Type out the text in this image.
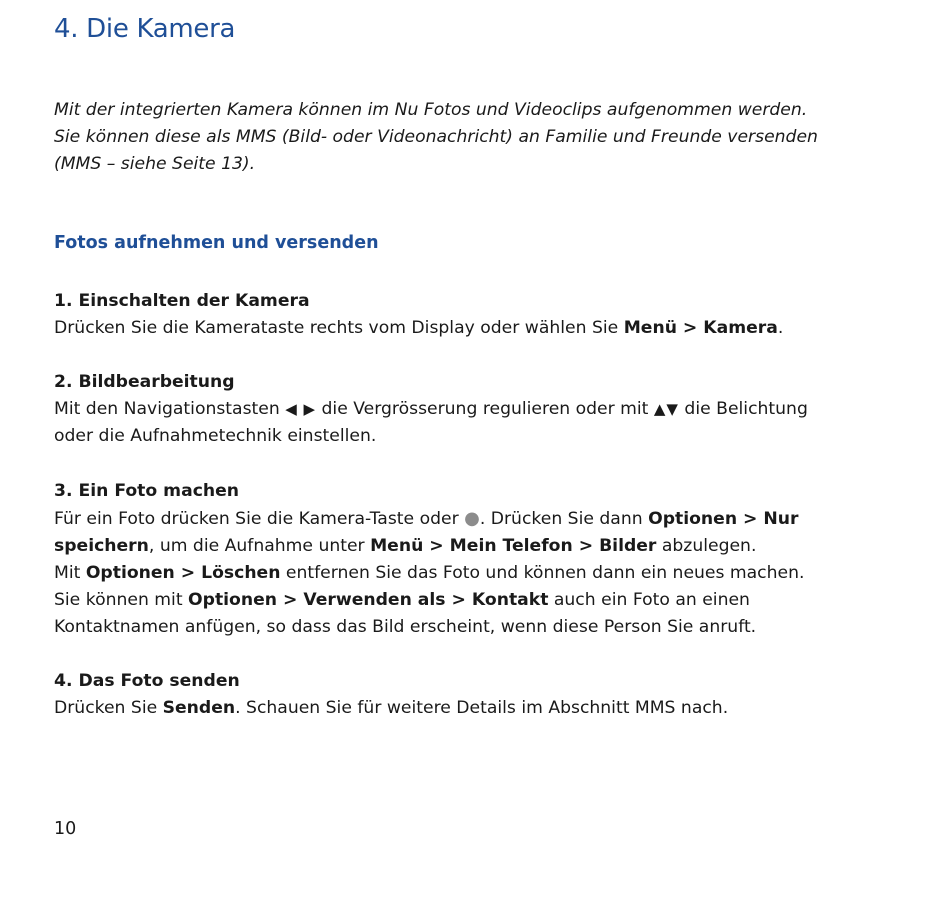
4. Die Kamera

Mit der integrierten Kamera können im Nu Fotos und Videoclips aufgenommen werden.
Sie können diese als MMS (Bild- oder Videonachricht) an Familie und Freunde versenden
(MMS – siehe Seite 13).

Fotos aufnehmen und versenden

1. Einschalten der Kamera

Drücken Sie die Kamerataste rechts vom Display oder wählen Sie Menü > Kamera.

2. Bildbearbeitung

Mit den Navigationstasten ◀ ▶ die Vergrösserung regulieren oder mit ▲▼ die Belichtung
oder die Aufnahmetechnik einstellen.

3. Ein Foto machen

Für ein Foto drücken Sie die Kamera-Taste oder ●. Drücken Sie dann Optionen > Nur
speichern, um die Aufnahme unter Menü > Mein Telefon > Bilder abzulegen.
Mit Optionen > Löschen entfernen Sie das Foto und können dann ein neues machen.
Sie können mit Optionen > Verwenden als > Kontakt auch ein Foto an einen
Kontaktnamen anfügen, so dass das Bild erscheint, wenn diese Person Sie anruft.

4. Das Foto senden

Drücken Sie Senden. Schauen Sie für weitere Details im Abschnitt MMS nach.

10
